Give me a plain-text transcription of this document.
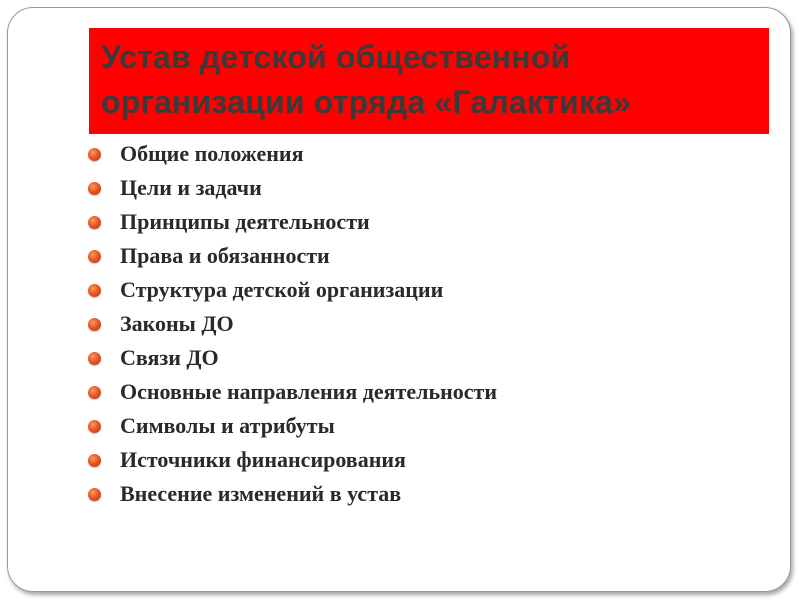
Устав детской общественной
организации отряда «Галактика»
Общие положения
Цели и задачи
Принципы деятельности
Права и обязанности
Структура детской организации
Законы ДО
Связи ДО
Основные направления деятельности
Символы и атрибуты
Источники финансирования
Внесение изменений в устав
